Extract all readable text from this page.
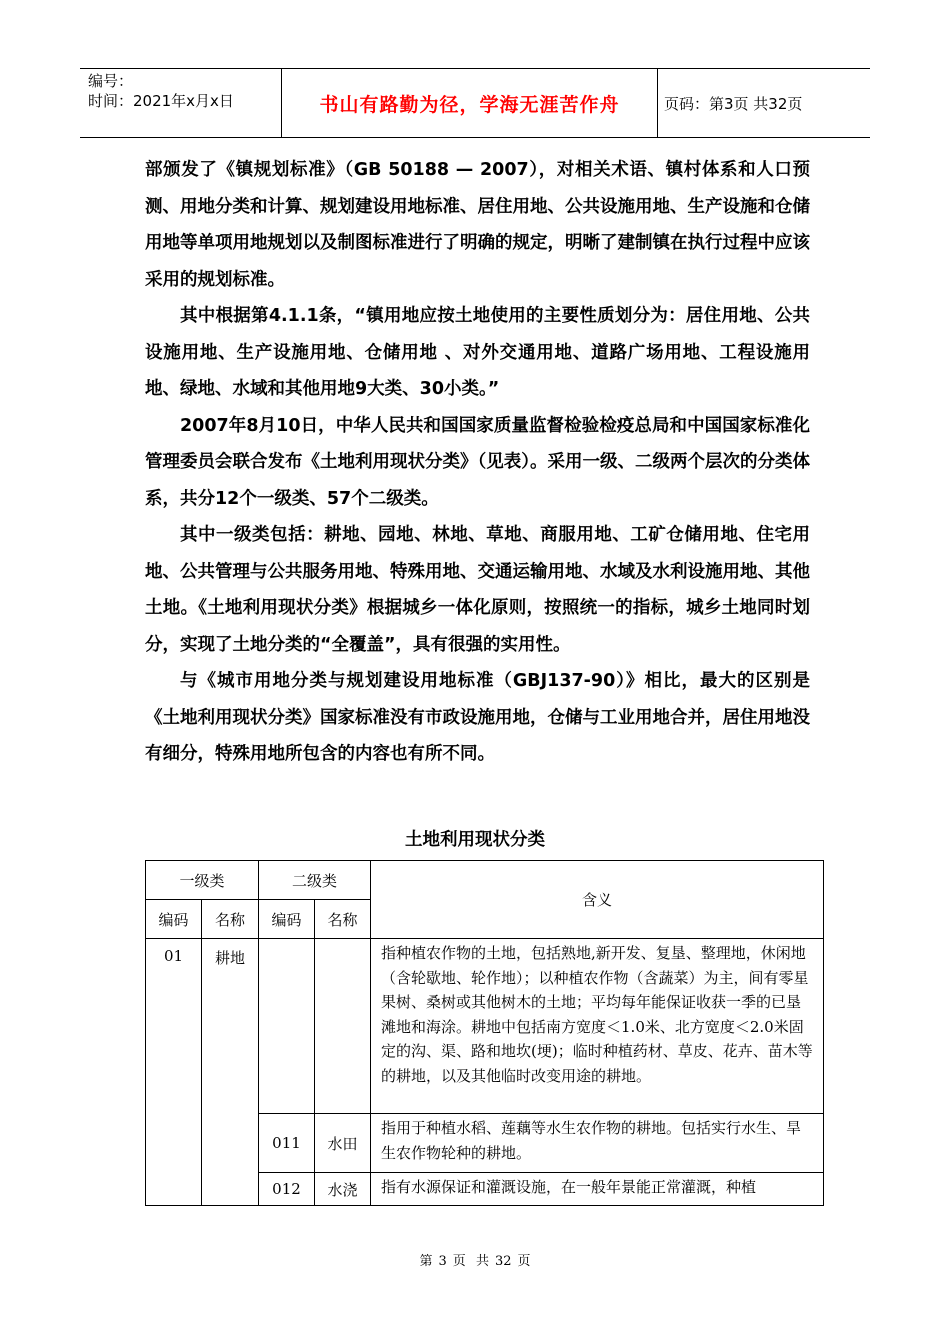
编号：
时间：2021年x月x日	书山有路勤为径，学海无涯苦作舟	页码：第3页 共32页

部颁发了《镇规划标准》（GB 50188 — 2007），对相关术语、镇村体系和人口预测、用地分类和计算、规划建设用地标准、居住用地、公共设施用地、生产设施和仓储用地等单项用地规划以及制图标准进行了明确的规定，明晰了建制镇在执行过程中应该采用的规划标准。

其中根据第4.1.1条，“镇用地应按土地使用的主要性质划分为：居住用地、公共设施用地、生产设施用地、仓储用地 、对外交通用地、道路广场用地、工程设施用地、绿地、水域和其他用地9大类、30小类。”

2007年8月10日，中华人民共和国国家质量监督检验检疫总局和中国国家标准化管理委员会联合发布《土地利用现状分类》（见表）。采用一级、二级两个层次的分类体系，共分12个一级类、57个二级类。

其中一级类包括：耕地、园地、林地、草地、商服用地、工矿仓储用地、住宅用地、公共管理与公共服务用地、特殊用地、交通运输用地、水域及水利设施用地、其他土地。《土地利用现状分类》根据城乡一体化原则，按照统一的指标，城乡土地同时划分，实现了土地分类的“全覆盖”，具有很强的实用性。

与《城市用地分类与规划建设用地标准（GBJ137-90）》相比，最大的区别是《土地利用现状分类》国家标准没有市政设施用地，仓储与工业用地合并，居住用地没有细分，特殊用地所包含的内容也有所不同。

土地利用现状分类
一级类		二级类		含义
编码	名称	编码	名称	
01	耕地			指种植农作物的土地，包括熟地,新开发、复垦、整理地，休闲地（含轮歇地、轮作地）；以种植农作物（含蔬菜）为主，间有零星果树、桑树或其他树木的土地；平均每年能保证收获一季的已垦滩地和海涂。耕地中包括南方宽度＜1.0米、北方宽度＜2.0米固定的沟、渠、路和地坎(埂)；临时种植药材、草皮、花卉、苗木等的耕地，以及其他临时改变用途的耕地。
		011	水田	指用于种植水稻、莲藕等水生农作物的耕地。包括实行水生、旱生农作物轮种的耕地。
		012	水浇	指有水源保证和灌溉设施，在一般年景能正常灌溉，种植
第 3 页 共 32 页
